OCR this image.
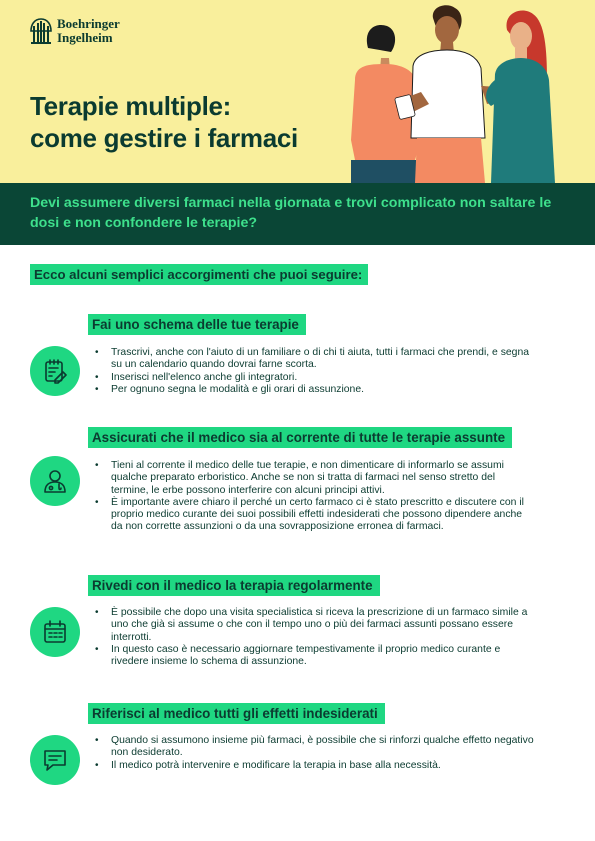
Boehringer
Ingelheim
Terapie multiple:
come gestire i farmaci

Devi assumere diversi farmaci nella giornata e trovi complicato non saltare le dosi e non confondere le terapie?

Ecco alcuni semplici accorgimenti che puoi seguire:
Fai uno schema delle tue terapie
• Trascrivi, anche con l'aiuto di un familiare o di chi ti aiuta, tutti i farmaci che prendi, e segna su un calendario quando dovrai farne scorta.
• Inserisci nell'elenco anche gli integratori.
• Per ognuno segna le modalità e gli orari di assunzione.
Assicurati che il medico sia al corrente di tutte le terapie assunte
• Tieni al corrente il medico delle tue terapie, e non dimenticare di informarlo se assumi qualche preparato erboristico. Anche se non si tratta di farmaci nel senso stretto del termine, le erbe possono interferire con alcuni principi attivi.
• È importante avere chiaro il perché un certo farmaco ci è stato prescritto e discutere con il proprio medico curante dei suoi possibili effetti indesiderati che possono dipendere anche da non corrette assunzioni o da una sovrapposizione erronea di farmaci.
Rivedi con il medico la terapia regolarmente
• È possibile che dopo una visita specialistica si riceva la prescrizione di un farmaco simile a uno che già si assume o che con il tempo uno o più dei farmaci assunti possano essere interrotti.
• In questo caso è necessario aggiornare tempestivamente il proprio medico curante e rivedere insieme lo schema di assunzione.
Riferisci al medico tutti gli effetti indesiderati
• Quando si assumono insieme più farmaci, è possibile che si rinforzi qualche effetto negativo non desiderato.
• Il medico potrà intervenire e modificare la terapia in base alla necessità.
